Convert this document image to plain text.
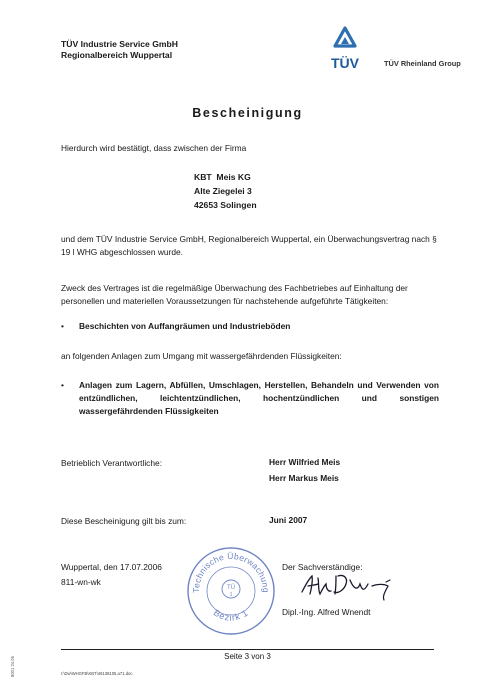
TÜV Industrie Service GmbH
Regionalbereich Wuppertal	TÜV	TÜV Rheinland Group
Bescheinigung
Hierdurch wird bestätigt, dass zwischen der Firma
KBT  Meis KG
Alte Ziegelei 3
42653 Solingen
und dem TÜV Industrie Service GmbH, Regionalbereich Wuppertal, ein Überwachungsvertrag nach § 19 l WHG abgeschlossen wurde.
Zweck des Vertrages ist die regelmäßige Überwachung des Fachbetriebes auf Einhaltung der personellen und materiellen Voraussetzungen für nachstehende aufgeführte Tätigkeiten:
• Beschichten von Auffangräumen und Industrieböden
an folgenden Anlagen zum Umgang mit wassergefährdenden Flüssigkeiten:
• Anlagen zum Lagern, Abfüllen, Umschlagen, Herstellen, Behandeln und Verwenden von entzündlichen, leichtentzündlichen, hochentzündlichen und sonstigen wassergefährdenden Flüssigkeiten
Betrieblich Verantwortliche:	Herr Wilfried Meis
Herr Markus Meis
Diese Bescheinigung gilt bis zum:	Juni 2007
Wuppertal, den 17.07.2006
811-wn-wk
Technische Überwachung
Bezirk 1
TÜ
1
Der Sachverständige:
Dipl.-Ing. Alfred Wnendt
Seite 3 von 3
I:\Dw\WHGFB\KBT\46138105.a71.doc
8001 24.06
